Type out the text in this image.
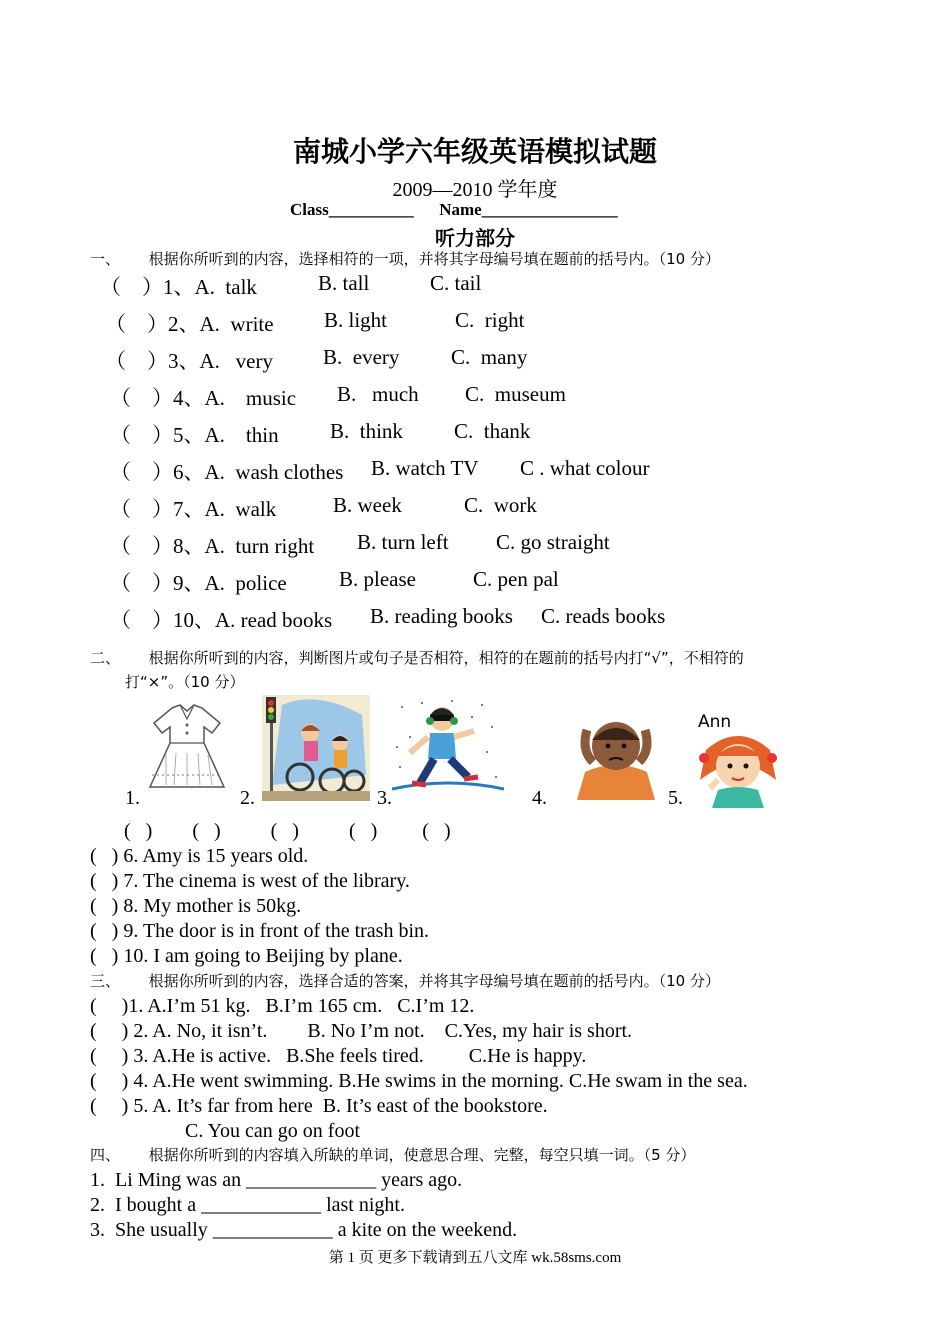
南城小学六年级英语模拟试题
2009—2010 学年度
Class__________      Name________________
听力部分
一、      根据你所听到的内容，选择相符的一项，并将其字母编号填在题前的括号内。（10 分）
（    ）1、A. talk	B. tall	C. tail
（    ）2、A. write B. light	C.  right
（    ）3、A.   very B.  every C.  many
（    ）4、A.    music B.   much C.  museum
（    ）5、A.    thin B.  think C.  thank
（    ）6、A. wash clothes B. watch TV C . what colour
（    ）7、A. walk	B. week	C.  work
（    ）8、A. turn right B. turn left C. go straight
（    ）9、A. police B. please	C. pen pal
（    ）10、A. read books B. reading books C. reads books
二、      根据你所听到的内容，判断图片或句子是否相符，相符的在题前的括号内打“√”，不相符的
打“×”。（10 分）
Ann
1.	2.	3.	4.	5.
(   )        (   )          (   )          (   )         (   )
(   ) 6. Amy is 15 years old.
(   ) 7. The cinema is west of the library.
(   ) 8. My mother is 50kg.
(   ) 9. The door is in front of the trash bin.
(   ) 10. I am going to Beijing by plane.
三、      根据你所听到的内容，选择合适的答案，并将其字母编号填在题前的括号内。（10 分）
(     )1. A.I’m 51 kg.   B.I’m 165 cm.   C.I’m 12.
(     ) 2. A. No, it isn’t.        B. No I’m not.    C.Yes, my hair is short.
(     ) 3. A.He is active.   B.She feels tired.         C.He is happy.
(     ) 4. A.He went swimming. B.He swims in the morning. C.He swam in the sea.
(     ) 5. A. It’s far from here  B. It’s east of the bookstore.
C. You can go on foot
四、      根据你所听到的内容填入所缺的单词，使意思合理、完整，每空只填一词。（5 分）
1.  Li Ming was an _____________ years ago.
2.  I bought a ____________ last night.
3.  She usually ____________ a kite on the weekend.
第 1 页 更多下载请到五八文库 wk.58sms.com
